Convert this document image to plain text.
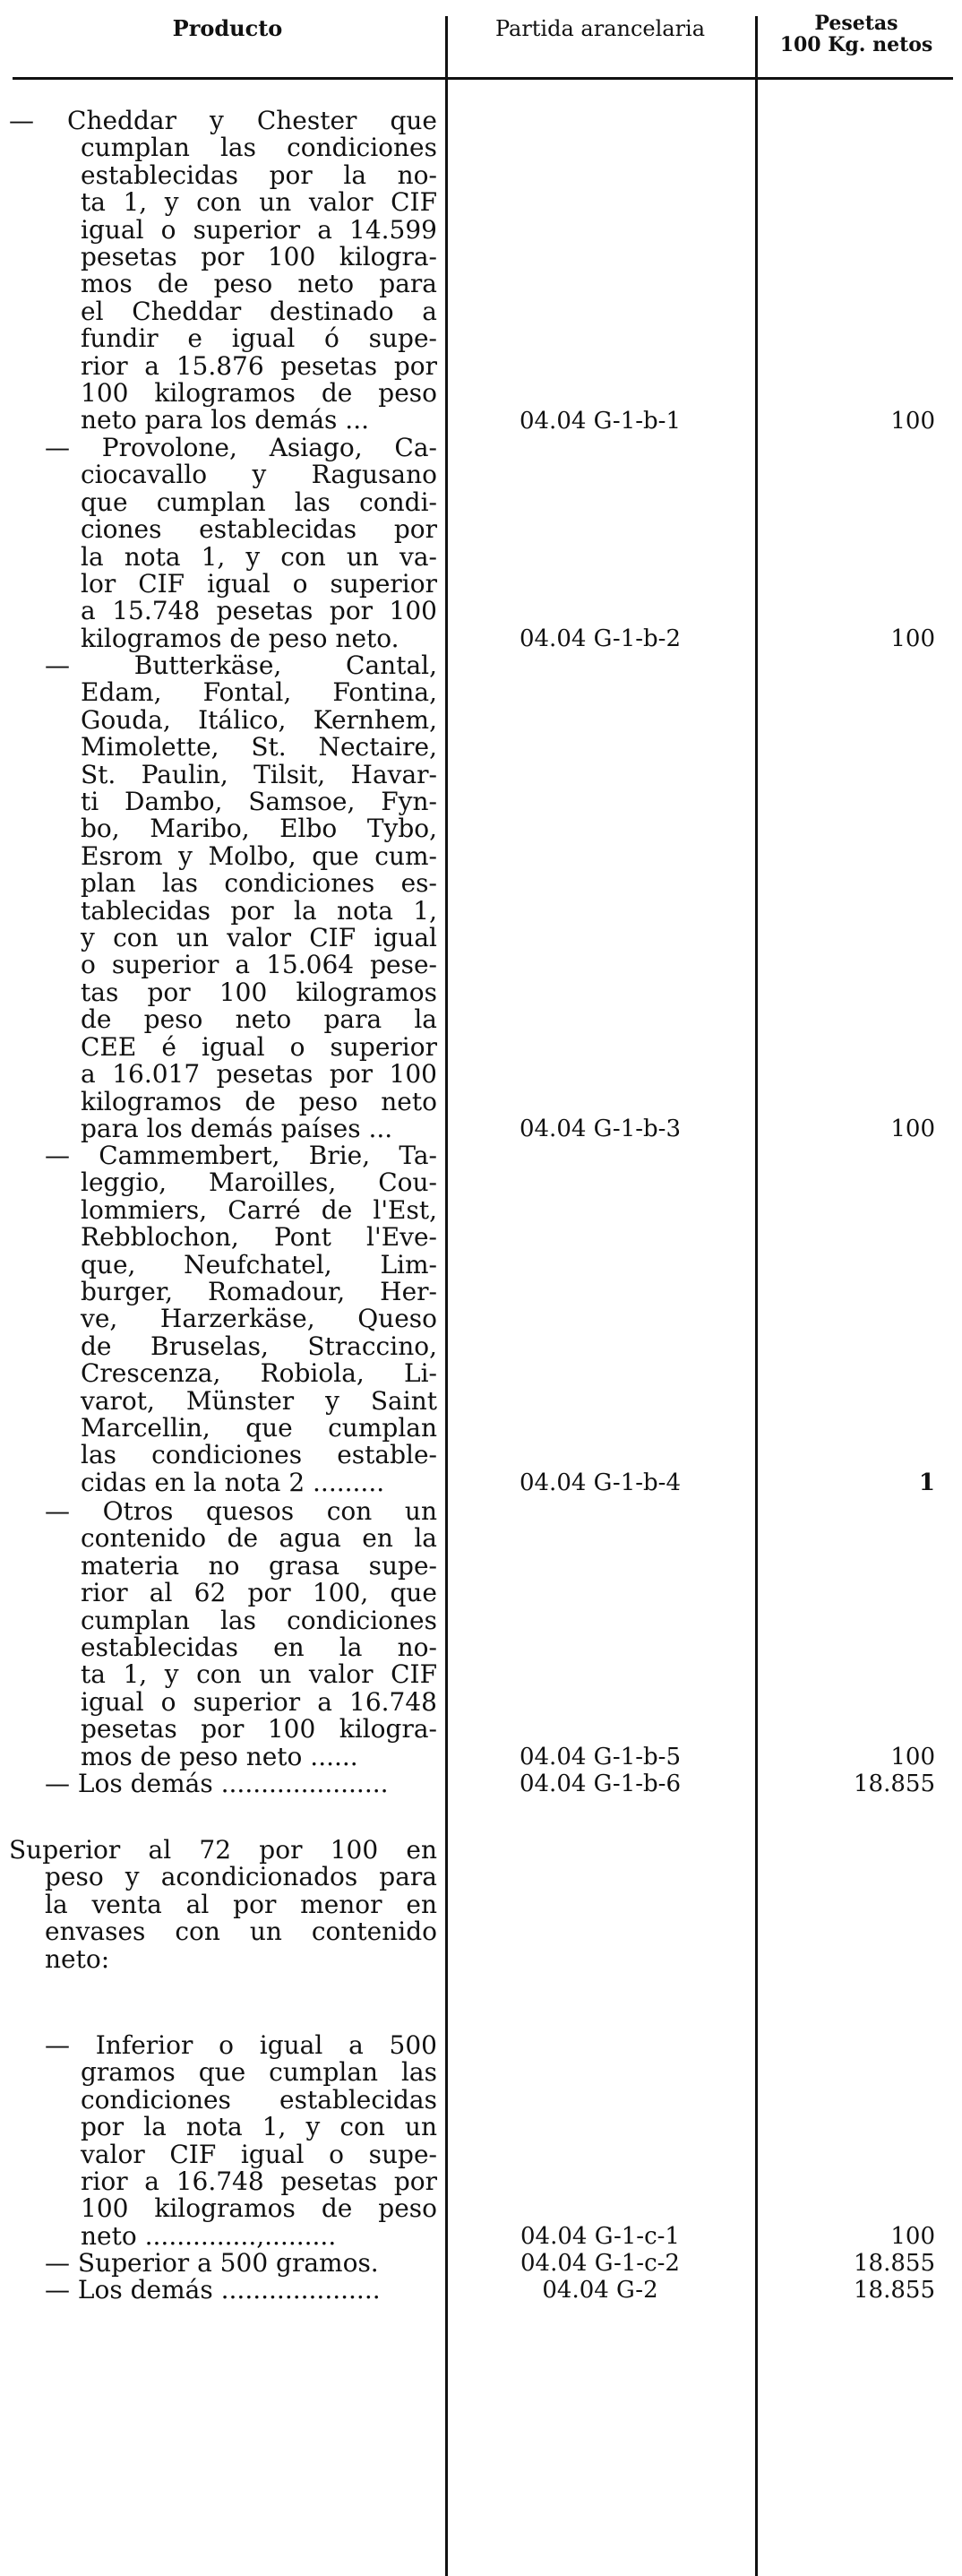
Producto	Partida arancelaria	Pesetas
100 Kg. netos
— Cheddar y Chester que
cumplan las condiciones
establecidas por la no-
ta 1, y con un valor CIF
igual o superior a 14.599
pesetas por 100 kilogra-
mos de peso neto para
el Cheddar destinado a
fundir e igual ó supe-
rior a 15.876 pesetas por
100 kilogramos de peso
neto para los demás ...	04.04 G-1-b-1	100
— Provolone, Asiago, Ca-
ciocavallo y Ragusano
que cumplan las condi-
ciones establecidas por
la nota 1, y con un va-
lor CIF igual o superior
a 15.748 pesetas por 100
kilogramos de peso neto.	04.04 G-1-b-2	100
— Butterkäse, Cantal,
Edam, Fontal, Fontina,
Gouda, Itálico, Kernhem,
Mimolette, St. Nectaire,
St. Paulin, Tilsit, Havar-
ti Dambo, Samsoe, Fyn-
bo, Maribo, Elbo Tybo,
Esrom y Molbo, que cum-
plan las condiciones es-
tablecidas por la nota 1,
y con un valor CIF igual
o superior a 15.064 pese-
tas por 100 kilogramos
de peso neto para la
CEE é igual o superior
a 16.017 pesetas por 100
kilogramos de peso neto
para los demás países ...	04.04 G-1-b-3	100
— Cammembert, Brie, Ta-
leggio, Maroilles, Cou-
lommiers, Carré de l'Est,
Rebblochon, Pont l'Eve-
que, Neufchatel, Lim-
burger, Romadour, Her-
ve, Harzerkäse, Queso
de Bruselas, Straccino,
Crescenza, Robiola, Li-
varot, Münster y Saint
Marcellin, que cumplan
las condiciones estable-
cidas en la nota 2 .........	04.04 G-1-b-4	1
— Otros quesos con un
contenido de agua en la
materia no grasa supe-
rior al 62 por 100, que
cumplan las condiciones
establecidas en la no-
ta 1, y con un valor CIF
igual o superior a 16.748
pesetas por 100 kilogra-
mos de peso neto ......	04.04 G-1-b-5	100
— Los demás .....................	04.04 G-1-b-6	18.855
Superior al 72 por 100 en
peso y acondicionados para
la venta al por menor en
envases con un contenido
neto:
— Inferior o igual a 500
gramos que cumplan las
condiciones establecidas
por la nota 1, y con un
valor CIF igual o supe-
rior a 16.748 pesetas por
100 kilogramos de peso
neto ..............,.........	04.04 G-1-c-1	100
— Superior a 500 gramos.	04.04 G-1-c-2	18.855
— Los demás ....................	04.04 G-2	18.855
